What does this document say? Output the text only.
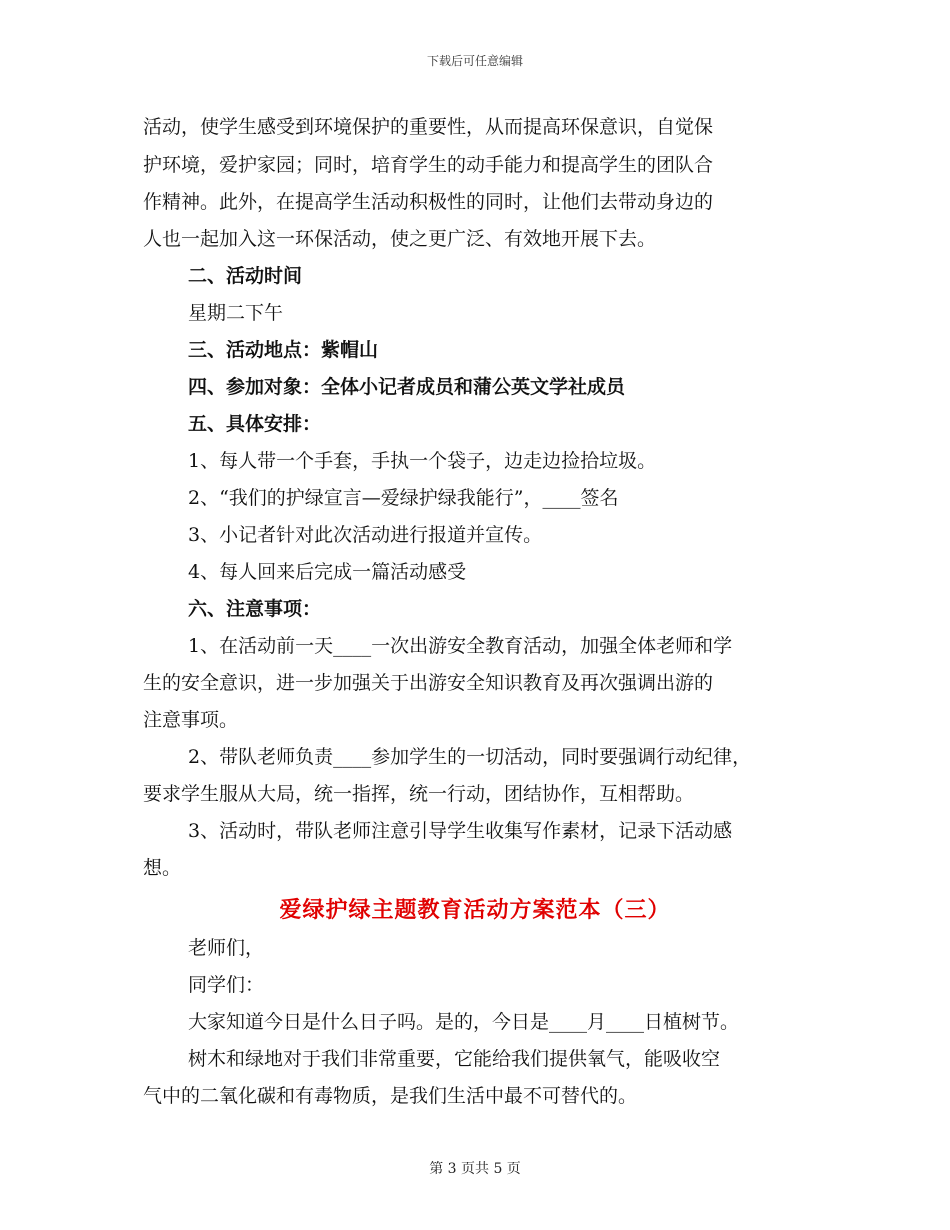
下载后可任意编辑
活动，使学生感受到环境保护的重要性，从而提高环保意识，自觉保
护环境，爱护家园；同时，培育学生的动手能力和提高学生的团队合
作精神。此外，在提高学生活动积极性的同时，让他们去带动身边的
人也一起加入这一环保活动，使之更广泛、有效地开展下去。
二、活动时间
星期二下午
三、活动地点：紫帽山
四、参加对象：全体小记者成员和蒲公英文学社成员
五、具体安排：
1、每人带一个手套，手执一个袋子，边走边捡拾垃圾。
2、“我们的护绿宣言—爱绿护绿我能行”，____签名
3、小记者针对此次活动进行报道并宣传。
4、每人回来后完成一篇活动感受
六、注意事项：
1、在活动前一天____一次出游安全教育活动，加强全体老师和学
生的安全意识，进一步加强关于出游安全知识教育及再次强调出游的
注意事项。
2、带队老师负责____参加学生的一切活动，同时要强调行动纪律，
要求学生服从大局，统一指挥，统一行动，团结协作，互相帮助。
3、活动时，带队老师注意引导学生收集写作素材，记录下活动感
想。
爱绿护绿主题教育活动方案范本（三）
老师们，
同学们：
大家知道今日是什么日子吗。是的，今日是____月____日植树节。
树木和绿地对于我们非常重要，它能给我们提供氧气，能吸收空
气中的二氧化碳和有毒物质，是我们生活中最不可替代的。
第 3 页共 5 页
